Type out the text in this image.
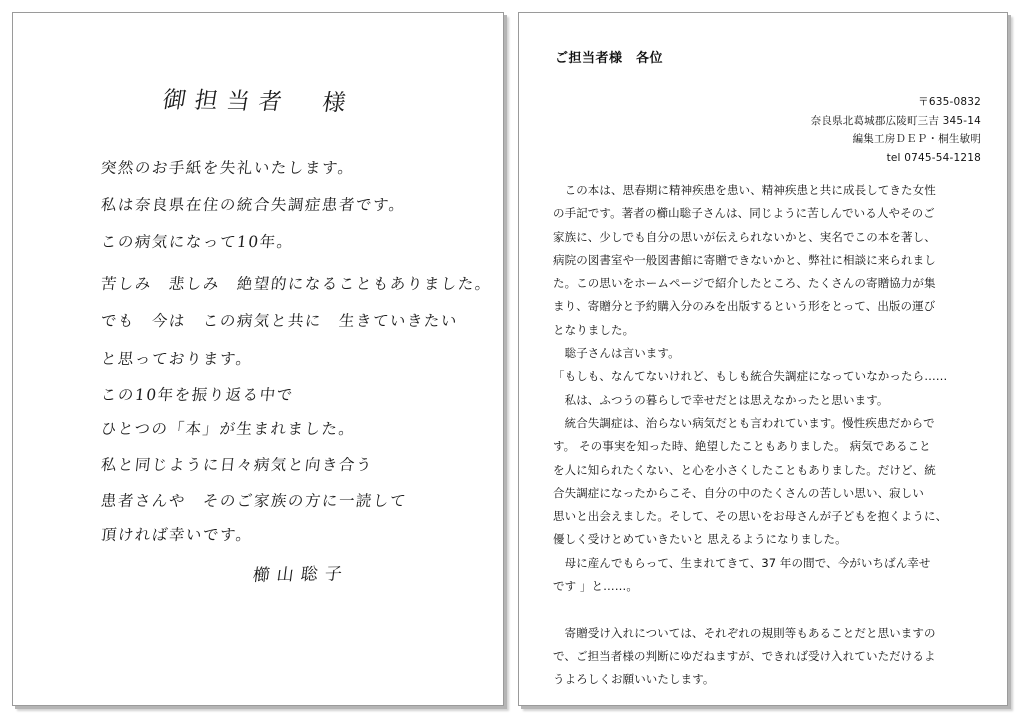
御担当者　様
突然のお手紙を失礼いたします。
私は奈良県在住の統合失調症患者です。
この病気になって10年。
苦しみ　悲しみ　絶望的になることもありました。
でも　今は　この病気と共に　生きていきたい
と思っております。
この10年を振り返る中で
ひとつの「本」が生まれました。
私と同じように日々病気と向き合う
患者さんや　そのご家族の方に一読して
頂ければ幸いです。
櫛山聡子
ご担当者様　各位
〒635-0832
奈良県北葛城郡広陵町三吉 345-14
編集工房ＤＥＰ・桐生敏明
tel 0745-54-1218
　この本は、思春期に精神疾患を患い、精神疾患と共に成長してきた女性
の手記です。著者の櫛山聡子さんは、同じように苦しんでいる人やそのご
家族に、少しでも自分の思いが伝えられないかと、実名でこの本を著し、
病院の図書室や一般図書館に寄贈できないかと、弊社に相談に来られまし
た。この思いをホームページで紹介したところ、たくさんの寄贈協力が集
まり、寄贈分と予約購入分のみを出版するという形をとって、出版の運び
となりました。
　聡子さんは言います。
「もしも、なんてないけれど、もしも統合失調症になっていなかったら……
　私は、ふつうの暮らしで幸せだとは思えなかったと思います。
　統合失調症は、治らない病気だとも言われています。慢性疾患だからで
す。 その事実を知った時、絶望したこともありました。 病気であること
を人に知られたくない、と心を小さくしたこともありました。だけど、統
合失調症になったからこそ、自分の中のたくさんの苦しい思い、寂しい
思いと出会えました。そして、その思いをお母さんが子どもを抱くように、
優しく受けとめていきたいと 思えるようになりました。
　母に産んでもらって、生まれてきて、37 年の間で、今がいちばん幸せ
です 」と……。
　寄贈受け入れについては、それぞれの規則等もあることだと思いますの
で、ご担当者様の判断にゆだねますが、できれば受け入れていただけるよ
うよろしくお願いいたします。
